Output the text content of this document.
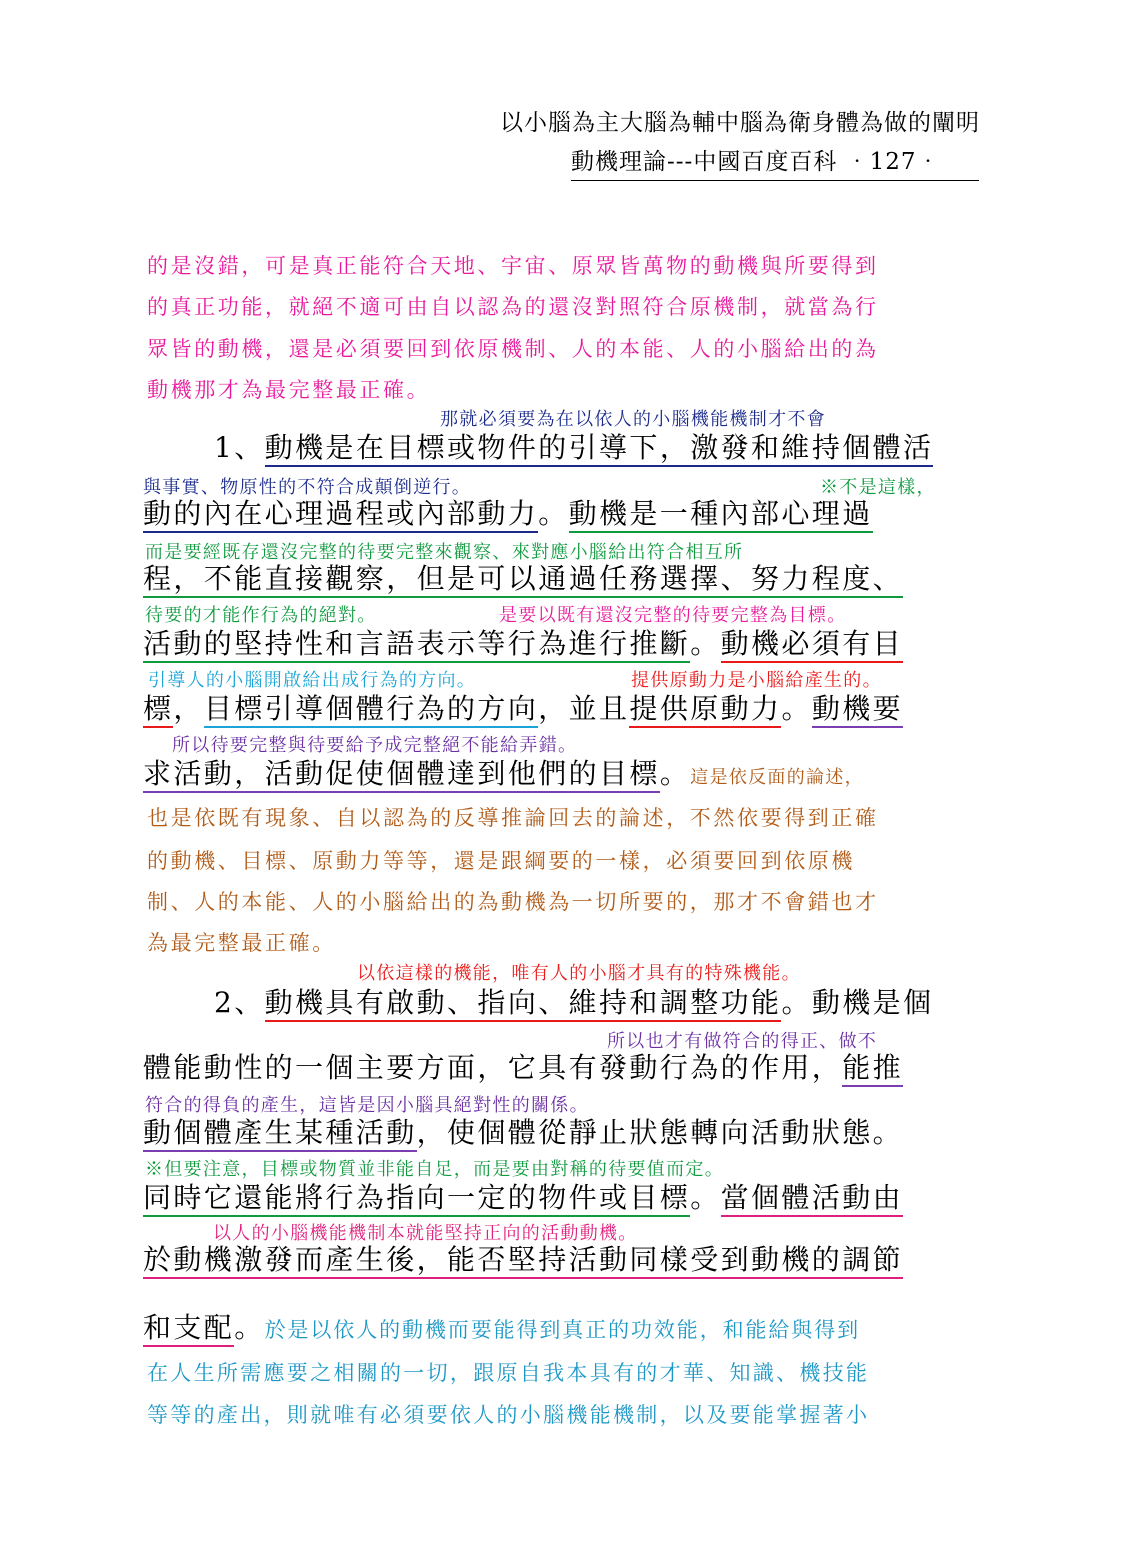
以小腦為主大腦為輔中腦為衛身體為做的闡明
動機理論---中國百度百科 ‧127‧
的是沒錯，可是真正能符合天地、宇宙、原眾皆萬物的動機與所要得到
的真正功能，就絕不適可由自以認為的還沒對照符合原機制，就當為行
眾皆的動機，還是必須要回到依原機制、人的本能、人的小腦給出的為
動機那才為最完整最正確。
那就必須要為在以依人的小腦機能機制才不會
1、動機是在目標或物件的引導下，激發和維持個體活
與事實、物原性的不符合成顛倒逆行。	※不是這樣，
動的內在心理過程或內部動力。動機是一種內部心理過
而是要經既存還沒完整的待要完整來觀察、來對應小腦給出符合相互所
程，不能直接觀察，但是可以通過任務選擇、努力程度、
待要的才能作行為的絕對。	是要以既有還沒完整的待要完整為目標。
活動的堅持性和言語表示等行為進行推斷。動機必須有目
引導人的小腦開啟給出成行為的方向。	提供原動力是小腦給產生的。
標，目標引導個體行為的方向，並且提供原動力。動機要
所以待要完整與待要給予成完整絕不能給弄錯。
求活動，活動促使個體達到他們的目標。這是依反面的論述，
也是依既有現象、自以認為的反導推論回去的論述，不然依要得到正確
的動機、目標、原動力等等，還是跟綱要的一樣，必須要回到依原機
制、人的本能、人的小腦給出的為動機為一切所要的，那才不會錯也才
為最完整最正確。
以依這樣的機能，唯有人的小腦才具有的特殊機能。
2、動機具有啟動、指向、維持和調整功能。動機是個
所以也才有做符合的得正、做不
體能動性的一個主要方面，它具有發動行為的作用，能推
符合的得負的產生，這皆是因小腦具絕對性的關係。
動個體產生某種活動，使個體從靜止狀態轉向活動狀態。
※但要注意，目標或物質並非能自足，而是要由對稱的待要值而定。
同時它還能將行為指向一定的物件或目標。當個體活動由
以人的小腦機能機制本就能堅持正向的活動動機。
於動機激發而產生後，能否堅持活動同樣受到動機的調節
和支配。於是以依人的動機而要能得到真正的功效能，和能給與得到
在人生所需應要之相關的一切，跟原自我本具有的才華、知識、機技能
等等的產出，則就唯有必須要依人的小腦機能機制，以及要能掌握著小
